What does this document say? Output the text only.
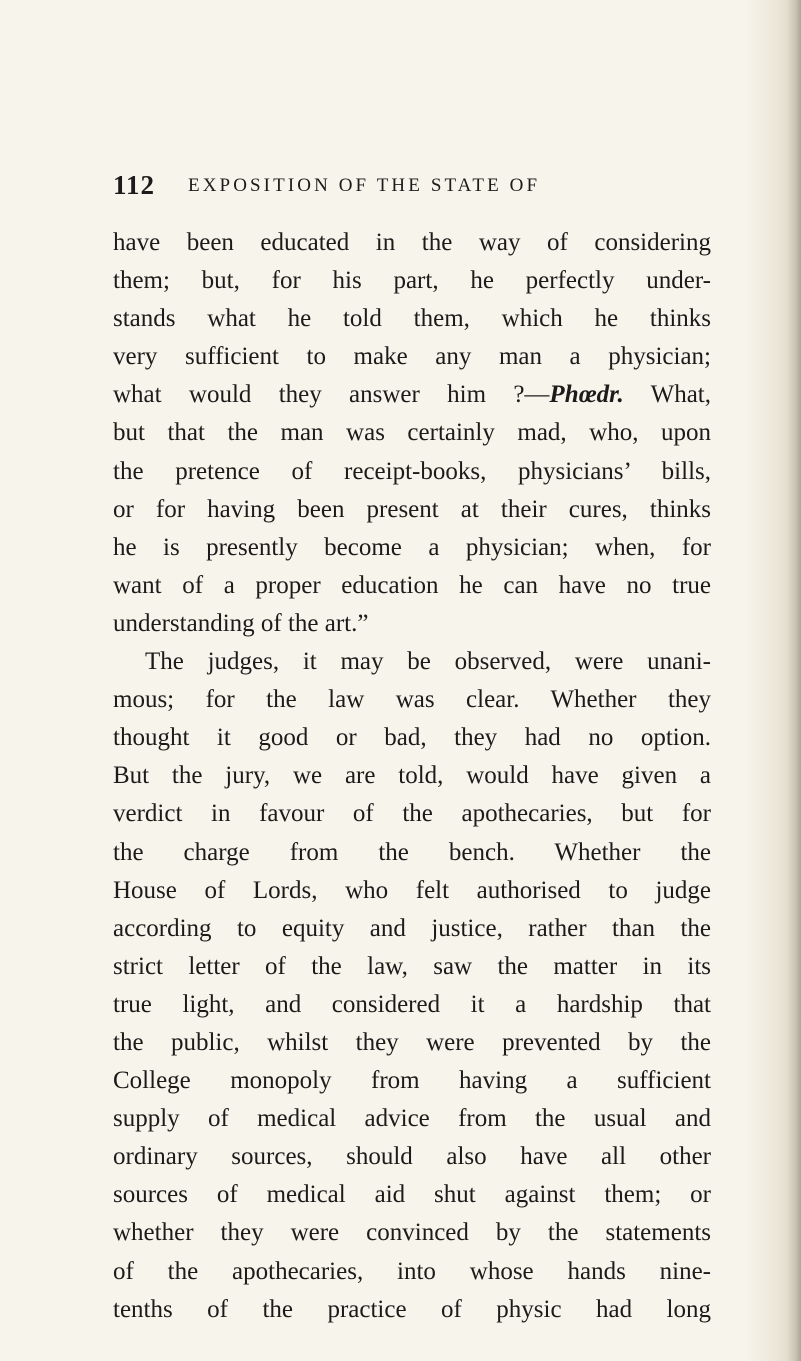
112 EXPOSITION OF THE STATE OF
have been educated in the way of considering
them; but, for his part, he perfectly under-
stands what he told them, which he thinks
very sufficient to make any man a physician;
what would they answer him ?—Phœdr. What,
but that the man was certainly mad, who, upon
the pretence of receipt-books, physicians’ bills,
or for having been present at their cures, thinks
he is presently become a physician; when, for
want of a proper education he can have no true
understanding of the art.”
The judges, it may be observed, were unani-
mous; for the law was clear. Whether they
thought it good or bad, they had no option.
But the jury, we are told, would have given a
verdict in favour of the apothecaries, but for
the charge from the bench. Whether the
House of Lords, who felt authorised to judge
according to equity and justice, rather than the
strict letter of the law, saw the matter in its
true light, and considered it a hardship that
the public, whilst they were prevented by the
College monopoly from having a sufficient
supply of medical advice from the usual and
ordinary sources, should also have all other
sources of medical aid shut against them; or
whether they were convinced by the statements
of the apothecaries, into whose hands nine-
tenths of the practice of physic had long
